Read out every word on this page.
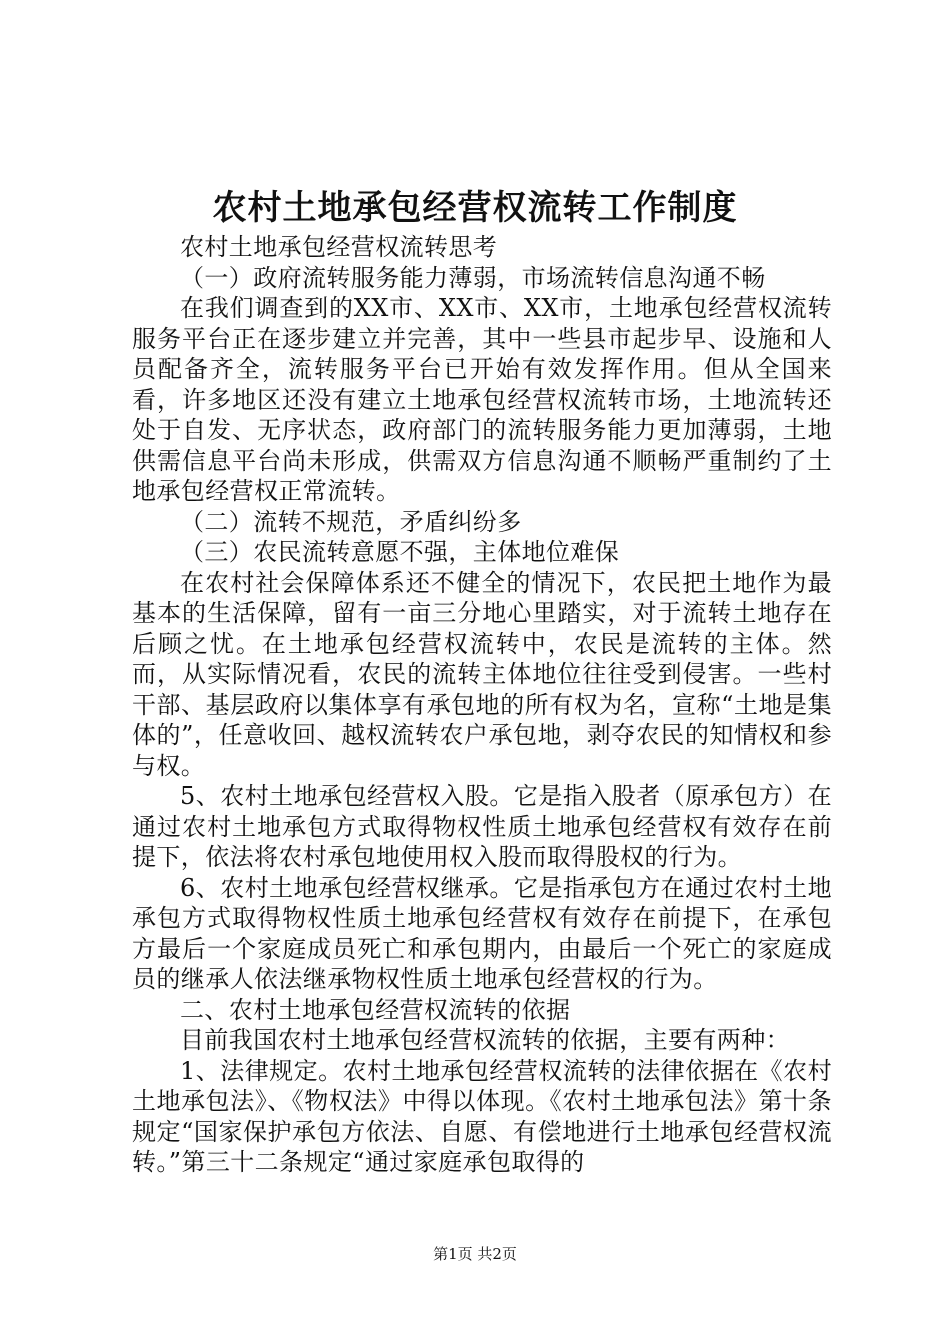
农村土地承包经营权流转工作制度

农村土地承包经营权流转思考

（一）政府流转服务能力薄弱，市场流转信息沟通不畅

在我们调查到的XX市、XX市、XX市，土地承包经营权流转服务平台正在逐步建立并完善，其中一些县市起步早、设施和人员配备齐全，流转服务平台已开始有效发挥作用。但从全国来看，许多地区还没有建立土地承包经营权流转市场，土地流转还处于自发、无序状态，政府部门的流转服务能力更加薄弱，土地供需信息平台尚未形成，供需双方信息沟通不顺畅严重制约了土地承包经营权正常流转。

（二）流转不规范，矛盾纠纷多

（三）农民流转意愿不强，主体地位难保

在农村社会保障体系还不健全的情况下，农民把土地作为最基本的生活保障，留有一亩三分地心里踏实，对于流转土地存在后顾之忧。在土地承包经营权流转中，农民是流转的主体。然而，从实际情况看，农民的流转主体地位往往受到侵害。一些村干部、基层政府以集体享有承包地的所有权为名，宣称“土地是集体的”，任意收回、越权流转农户承包地，剥夺农民的知情权和参与权。

5、农村土地承包经营权入股。它是指入股者（原承包方）在通过农村土地承包方式取得物权性质土地承包经营权有效存在前提下，依法将农村承包地使用权入股而取得股权的行为。

6、农村土地承包经营权继承。它是指承包方在通过农村土地承包方式取得物权性质土地承包经营权有效存在前提下，在承包方最后一个家庭成员死亡和承包期内，由最后一个死亡的家庭成员的继承人依法继承物权性质土地承包经营权的行为。

二、农村土地承包经营权流转的依据

目前我国农村土地承包经营权流转的依据，主要有两种：

1、法律规定。农村土地承包经营权流转的法律依据在《农村土地承包法》、《物权法》中得以体现。《农村土地承包法》第十条规定“国家保护承包方依法、自愿、有偿地进行土地承包经营权流转。”第三十二条规定“通过家庭承包取得的

第1页 共2页
